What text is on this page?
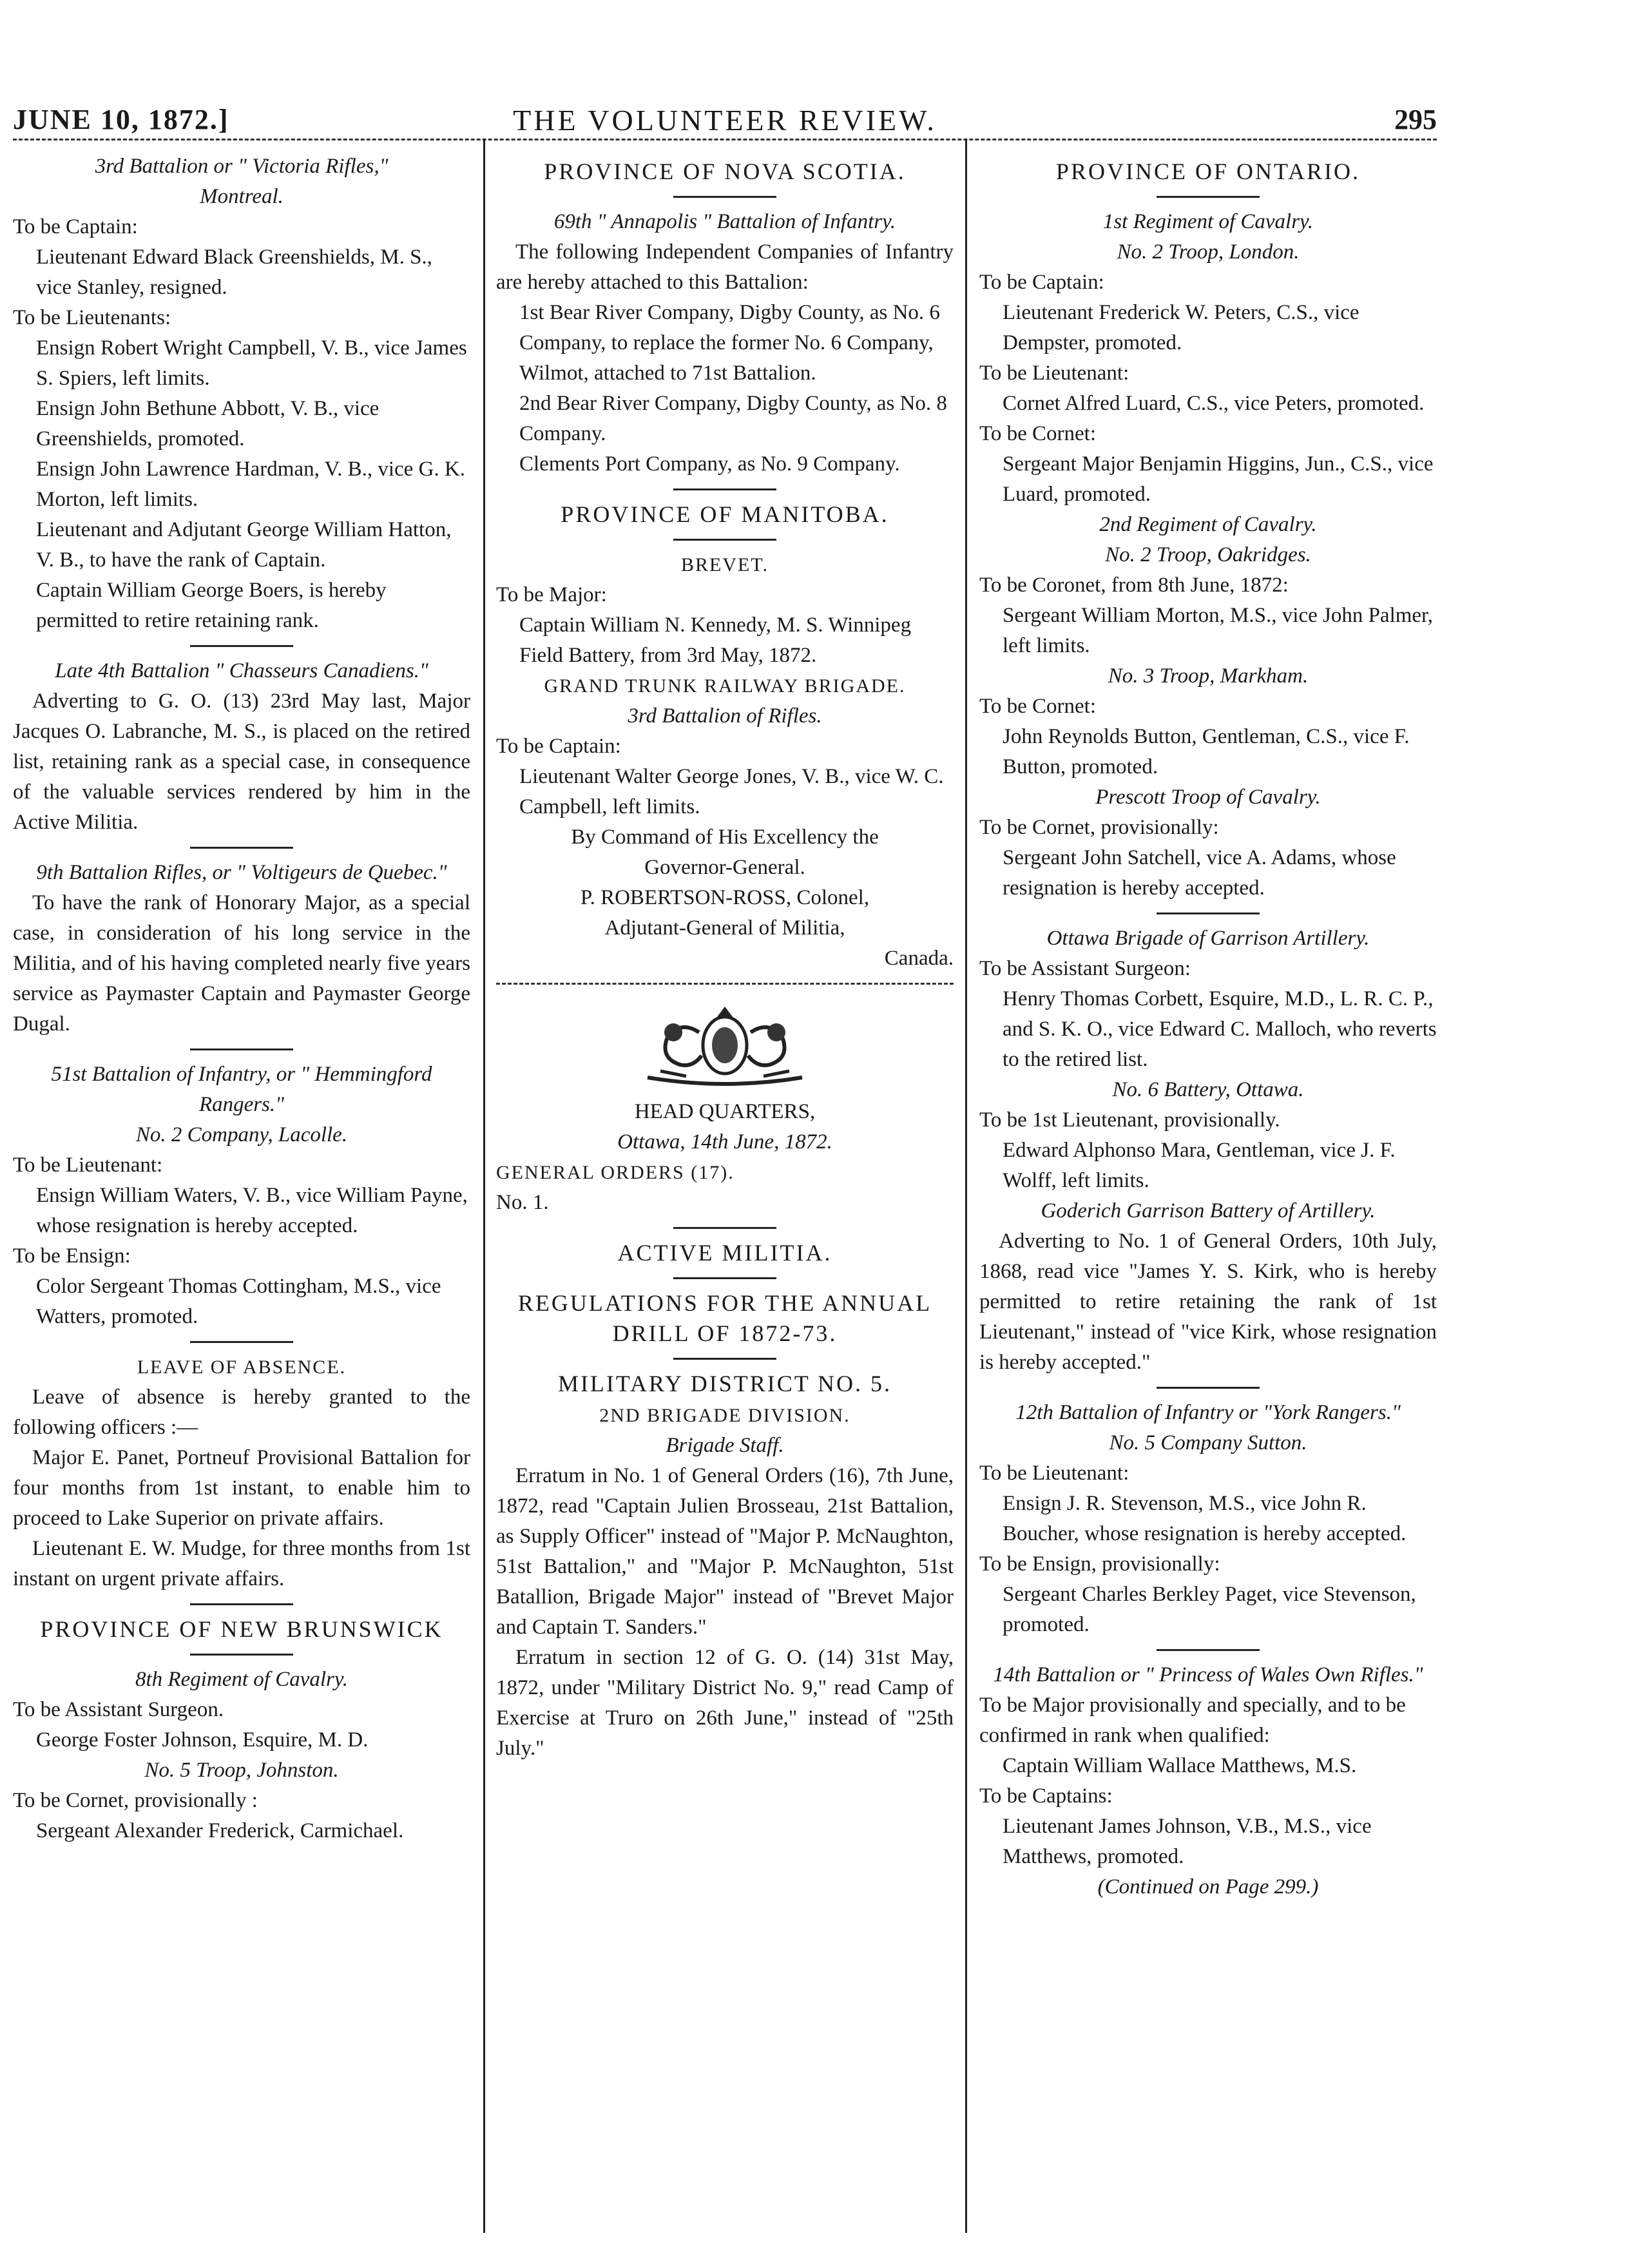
JUNE 10, 1872.]	THE VOLUNTEER REVIEW.	295

3rd Battalion or " Victoria Rifles,"

Montreal.

To be Captain:

Lieutenant Edward Black Greenshields, M. S., vice Stanley, resigned.

To be Lieutenants:

Ensign Robert Wright Campbell, V. B., vice James S. Spiers, left limits.

Ensign John Bethune Abbott, V. B., vice Greenshields, promoted.

Ensign John Lawrence Hardman, V. B., vice G. K. Morton, left limits.

Lieutenant and Adjutant George William Hatton, V. B., to have the rank of Captain.

Captain William George Boers, is hereby permitted to retire retaining rank.

Late 4th Battalion " Chasseurs Canadiens."

Adverting to G. O. (13) 23rd May last, Major Jacques O. Labranche, M. S., is placed on the retired list, retaining rank as a special case, in consequence of the valuable services rendered by him in the Active Militia.

9th Battalion Rifles, or " Voltigeurs de Quebec."

To have the rank of Honorary Major, as a special case, in consideration of his long service in the Militia, and of his having completed nearly five years service as Paymaster Captain and Paymaster George Dugal.

51st Battalion of Infantry, or " Hemmingford Rangers."

No. 2 Company, Lacolle.

To be Lieutenant:

Ensign William Waters, V. B., vice William Payne, whose resignation is hereby accepted.

To be Ensign:

Color Sergeant Thomas Cottingham, M.S., vice Watters, promoted.

LEAVE OF ABSENCE.

Leave of absence is hereby granted to the following officers :—

Major E. Panet, Portneuf Provisional Battalion for four months from 1st instant, to enable him to proceed to Lake Superior on private affairs.

Lieutenant E. W. Mudge, for three months from 1st instant on urgent private affairs.

PROVINCE OF NEW BRUNSWICK

8th Regiment of Cavalry.

To be Assistant Surgeon.

George Foster Johnson, Esquire, M. D.

No. 5 Troop, Johnston.

To be Cornet, provisionally :

Sergeant Alexander Frederick, Carmichael.

PROVINCE OF NOVA SCOTIA.

69th " Annapolis " Battalion of Infantry.

The following Independent Companies of Infantry are hereby attached to this Battalion:

1st Bear River Company, Digby County, as No. 6 Company, to replace the former No. 6 Company, Wilmot, attached to 71st Battalion.

2nd Bear River Company, Digby County, as No. 8 Company.

Clements Port Company, as No. 9 Company.

PROVINCE OF MANITOBA.

BREVET.

To be Major:

Captain William N. Kennedy, M. S. Winnipeg Field Battery, from 3rd May, 1872.

GRAND TRUNK RAILWAY BRIGADE.

3rd Battalion of Rifles.

To be Captain:

Lieutenant Walter George Jones, V. B., vice W. C. Campbell, left limits.

By Command of His Excellency the

Governor-General.

P. ROBERTSON-ROSS, Colonel,

Adjutant-General of Militia,

Canada.

HEAD QUARTERS,

Ottawa, 14th June, 1872.

GENERAL ORDERS (17).

No. 1.

ACTIVE MILITIA.

REGULATIONS FOR THE ANNUAL DRILL OF 1872-73.

MILITARY DISTRICT NO. 5.

2ND BRIGADE DIVISION.

Brigade Staff.

Erratum in No. 1 of General Orders (16), 7th June, 1872, read "Captain Julien Brosseau, 21st Battalion, as Supply Officer" instead of "Major P. McNaughton, 51st Battalion," and "Major P. McNaughton, 51st Batallion, Brigade Major" instead of "Brevet Major and Captain T. Sanders."

Erratum in section 12 of G. O. (14) 31st May, 1872, under "Military District No. 9," read Camp of Exercise at Truro on 26th June," instead of "25th July."

PROVINCE OF ONTARIO.

1st Regiment of Cavalry.

No. 2 Troop, London.

To be Captain:

Lieutenant Frederick W. Peters, C.S., vice Dempster, promoted.

To be Lieutenant:

Cornet Alfred Luard, C.S., vice Peters, promoted.

To be Cornet:

Sergeant Major Benjamin Higgins, Jun., C.S., vice Luard, promoted.

2nd Regiment of Cavalry.

No. 2 Troop, Oakridges.

To be Coronet, from 8th June, 1872:

Sergeant William Morton, M.S., vice John Palmer, left limits.

No. 3 Troop, Markham.

To be Cornet:

John Reynolds Button, Gentleman, C.S., vice F. Button, promoted.

Prescott Troop of Cavalry.

To be Cornet, provisionally:

Sergeant John Satchell, vice A. Adams, whose resignation is hereby accepted.

Ottawa Brigade of Garrison Artillery.

To be Assistant Surgeon:

Henry Thomas Corbett, Esquire, M.D., L. R. C. P., and S. K. O., vice Edward C. Malloch, who reverts to the retired list.

No. 6 Battery, Ottawa.

To be 1st Lieutenant, provisionally.

Edward Alphonso Mara, Gentleman, vice J. F. Wolff, left limits.

Goderich Garrison Battery of Artillery.

Adverting to No. 1 of General Orders, 10th July, 1868, read vice "James Y. S. Kirk, who is hereby permitted to retire retaining the rank of 1st Lieutenant," instead of "vice Kirk, whose resignation is hereby accepted."

12th Battalion of Infantry or "York Rangers."

No. 5 Company Sutton.

To be Lieutenant:

Ensign J. R. Stevenson, M.S., vice John R. Boucher, whose resignation is hereby accepted.

To be Ensign, provisionally:

Sergeant Charles Berkley Paget, vice Stevenson, promoted.

14th Battalion or " Princess of Wales Own Rifles."

To be Major provisionally and specially, and to be confirmed in rank when qualified:

Captain William Wallace Matthews, M.S.

To be Captains:

Lieutenant James Johnson, V.B., M.S., vice Matthews, promoted.

(Continued on Page 299.)
